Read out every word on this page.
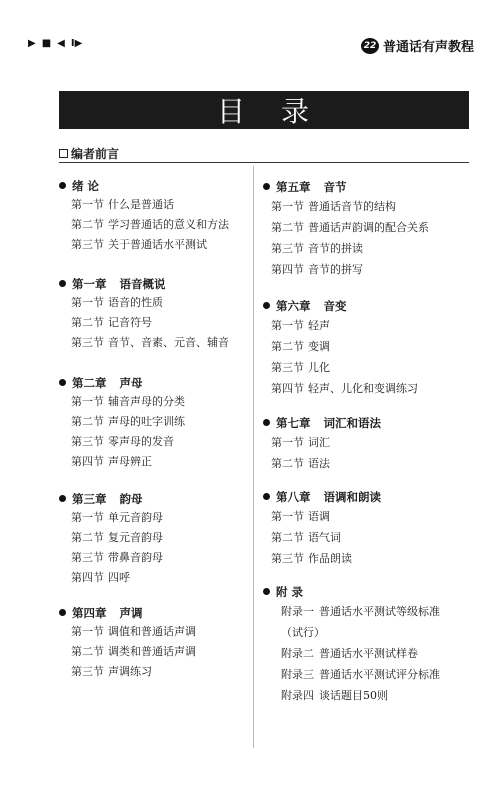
▶ ■ ◀ I▶	22 普通话有声教程
目 录
编者前言
绪 论
第一节 什么是普通话
第二节 学习普通话的意义和方法
第三节 关于普通话水平测试
第一章 语音概说
第一节 语音的性质
第二节 记音符号
第三节 音节、音素、元音、辅音
第二章 声母
第一节 辅音声母的分类
第二节 声母的吐字训练
第三节 零声母的发音
第四节 声母辨正
第三章 韵母
第一节 单元音韵母
第二节 复元音韵母
第三节 带鼻音韵母
第四节 四呼
第四章 声调
第一节 调值和普通话声调
第二节 调类和普通话声调
第三节 声调练习
第五章 音节
第一节 普通话音节的结构
第二节 普通话声韵调的配合关系
第三节 音节的拼读
第四节 音节的拼写
第六章 音变
第一节 轻声
第二节 变调
第三节 儿化
第四节 轻声、儿化和变调练习
第七章 词汇和语法
第一节 词汇
第二节 语法
第八章 语调和朗读
第一节 语调
第二节 语气词
第三节 作品朗读
附 录
附录一 普通话水平测试等级标准
（试行）
附录二 普通话水平测试样卷
附录三 普通话水平测试评分标准
附录四 谈话题目50则
